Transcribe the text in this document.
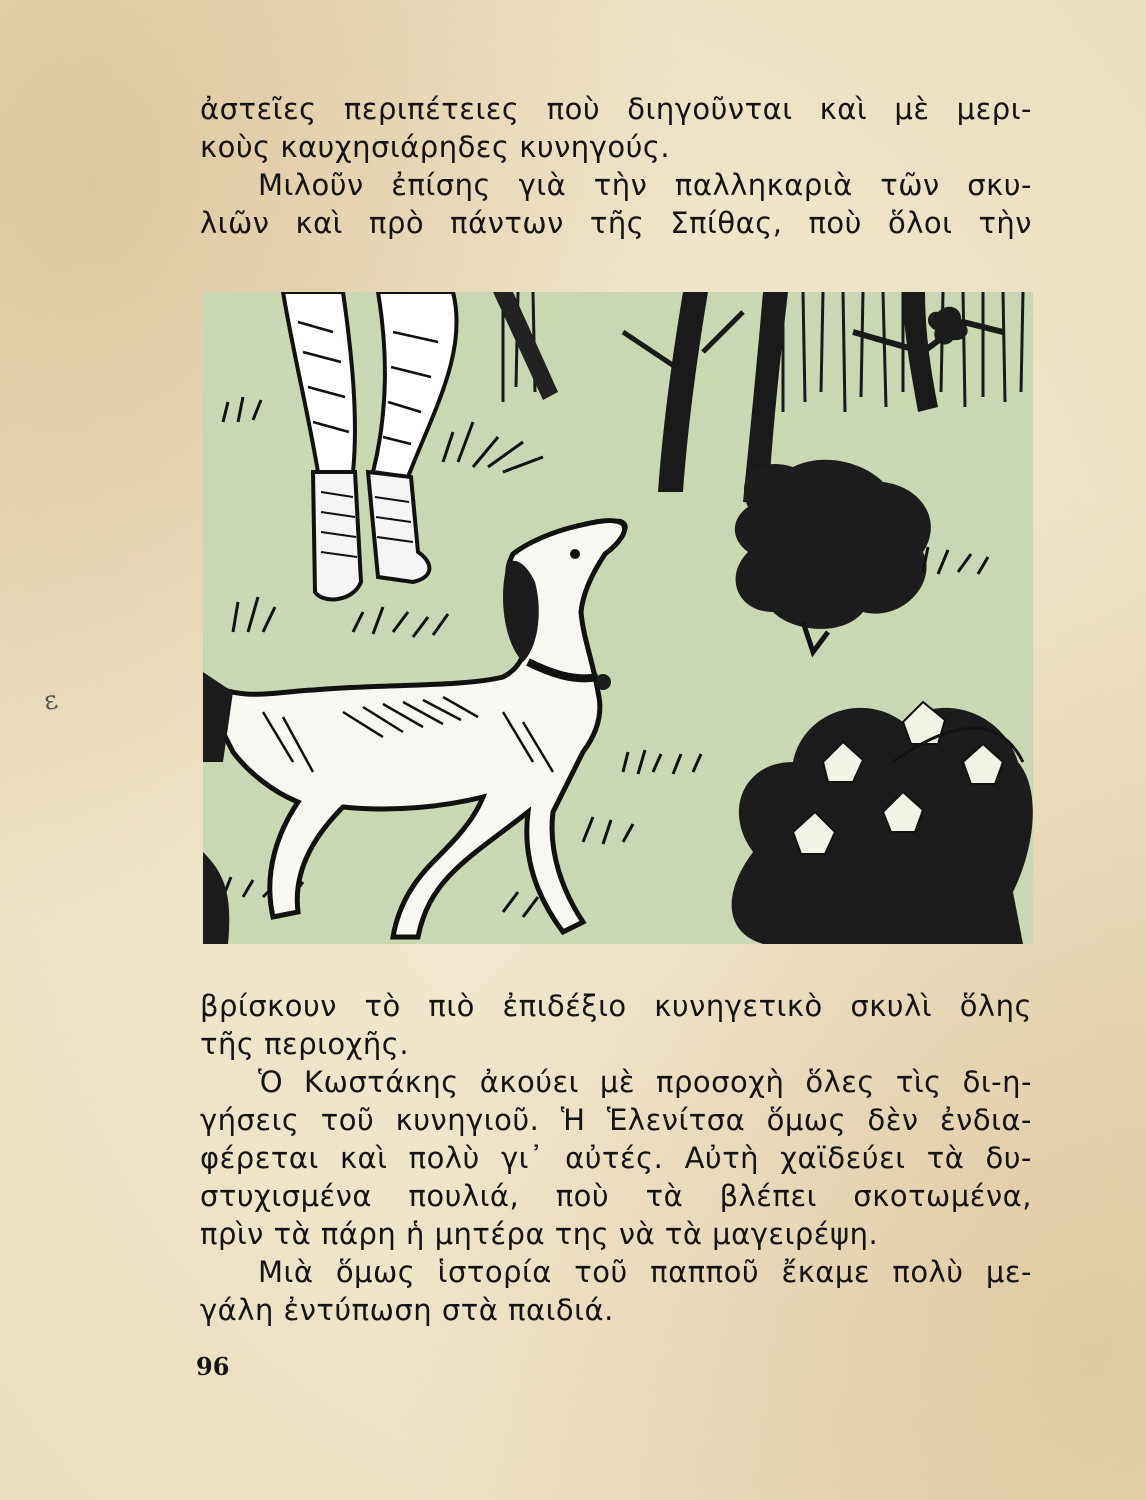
ἀστεῖες περιπέτειες ποὺ διηγοῦνται καὶ μὲ μερι-

κοὺς καυχησιάρηδες κυνηγούς.

Μιλοῦν ἐπίσης γιὰ τὴν παλληκαριὰ τῶν σκυ-

λιῶν καὶ πρὸ πάντων τῆς Σπίθας, ποὺ ὅλοι τὴν

βρίσκουν τὸ πιὸ ἐπιδέξιο κυνηγετικὸ σκυλὶ ὅλης

τῆς περιοχῆς.

Ὁ Κωστάκης ἀκούει μὲ προσοχὴ ὅλες τὶς δι-η-

γήσεις τοῦ κυνηγιοῦ. Ἡ Ἑλενίτσα ὅμως δὲν ἐνδια-

φέρεται καὶ πολὺ γι᾿ αὐτές. Αὐτὴ χαϊδεύει τὰ δυ-

στυχισμένα πουλιά, ποὺ τὰ βλέπει σκοτωμένα,

πρὶν τὰ πάρη ἡ μητέρα της νὰ τὰ μαγειρέψη.

Μιὰ ὅμως ἱστορία τοῦ παπποῦ ἔκαμε πολὺ με-

γάλη ἐντύπωση στὰ παιδιά.

96
ε
